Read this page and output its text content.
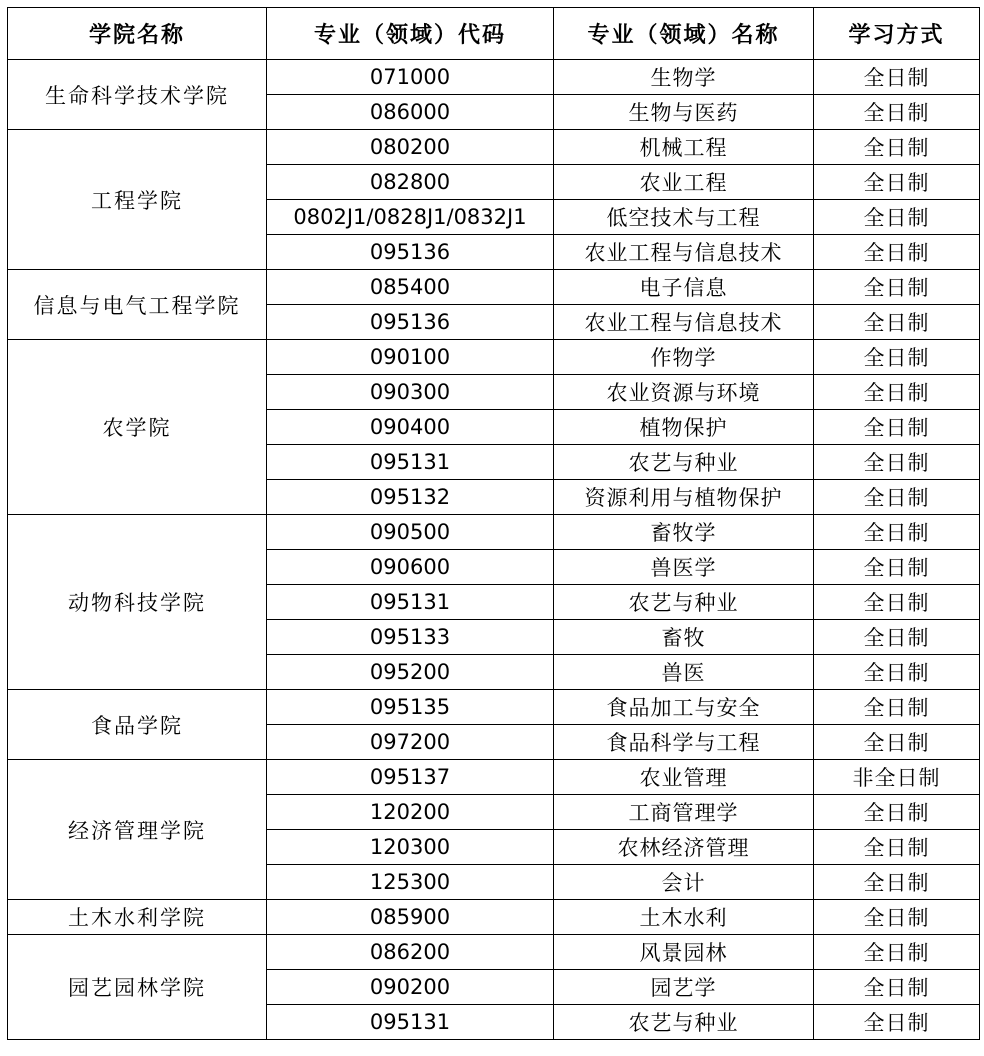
学院名称	专业（领域）代码	专业（领域）名称	学习方式
生命科学技术学院	071000	生物学	全日制
	086000	生物与医药	全日制
工程学院	080200	机械工程	全日制
	082800	农业工程	全日制
	0802J1/0828J1/0832J1	低空技术与工程	全日制
	095136	农业工程与信息技术	全日制
信息与电气工程学院	085400	电子信息	全日制
	095136	农业工程与信息技术	全日制
农学院	090100	作物学	全日制
	090300	农业资源与环境	全日制
	090400	植物保护	全日制
	095131	农艺与种业	全日制
	095132	资源利用与植物保护	全日制
动物科技学院	090500	畜牧学	全日制
	090600	兽医学	全日制
	095131	农艺与种业	全日制
	095133	畜牧	全日制
	095200	兽医	全日制
食品学院	095135	食品加工与安全	全日制
	097200	食品科学与工程	全日制
经济管理学院	095137	农业管理	非全日制
	120200	工商管理学	全日制
	120300	农林经济管理	全日制
	125300	会计	全日制
土木水利学院	085900	土木水利	全日制
园艺园林学院	086200	风景园林	全日制
	090200	园艺学	全日制
	095131	农艺与种业	全日制
